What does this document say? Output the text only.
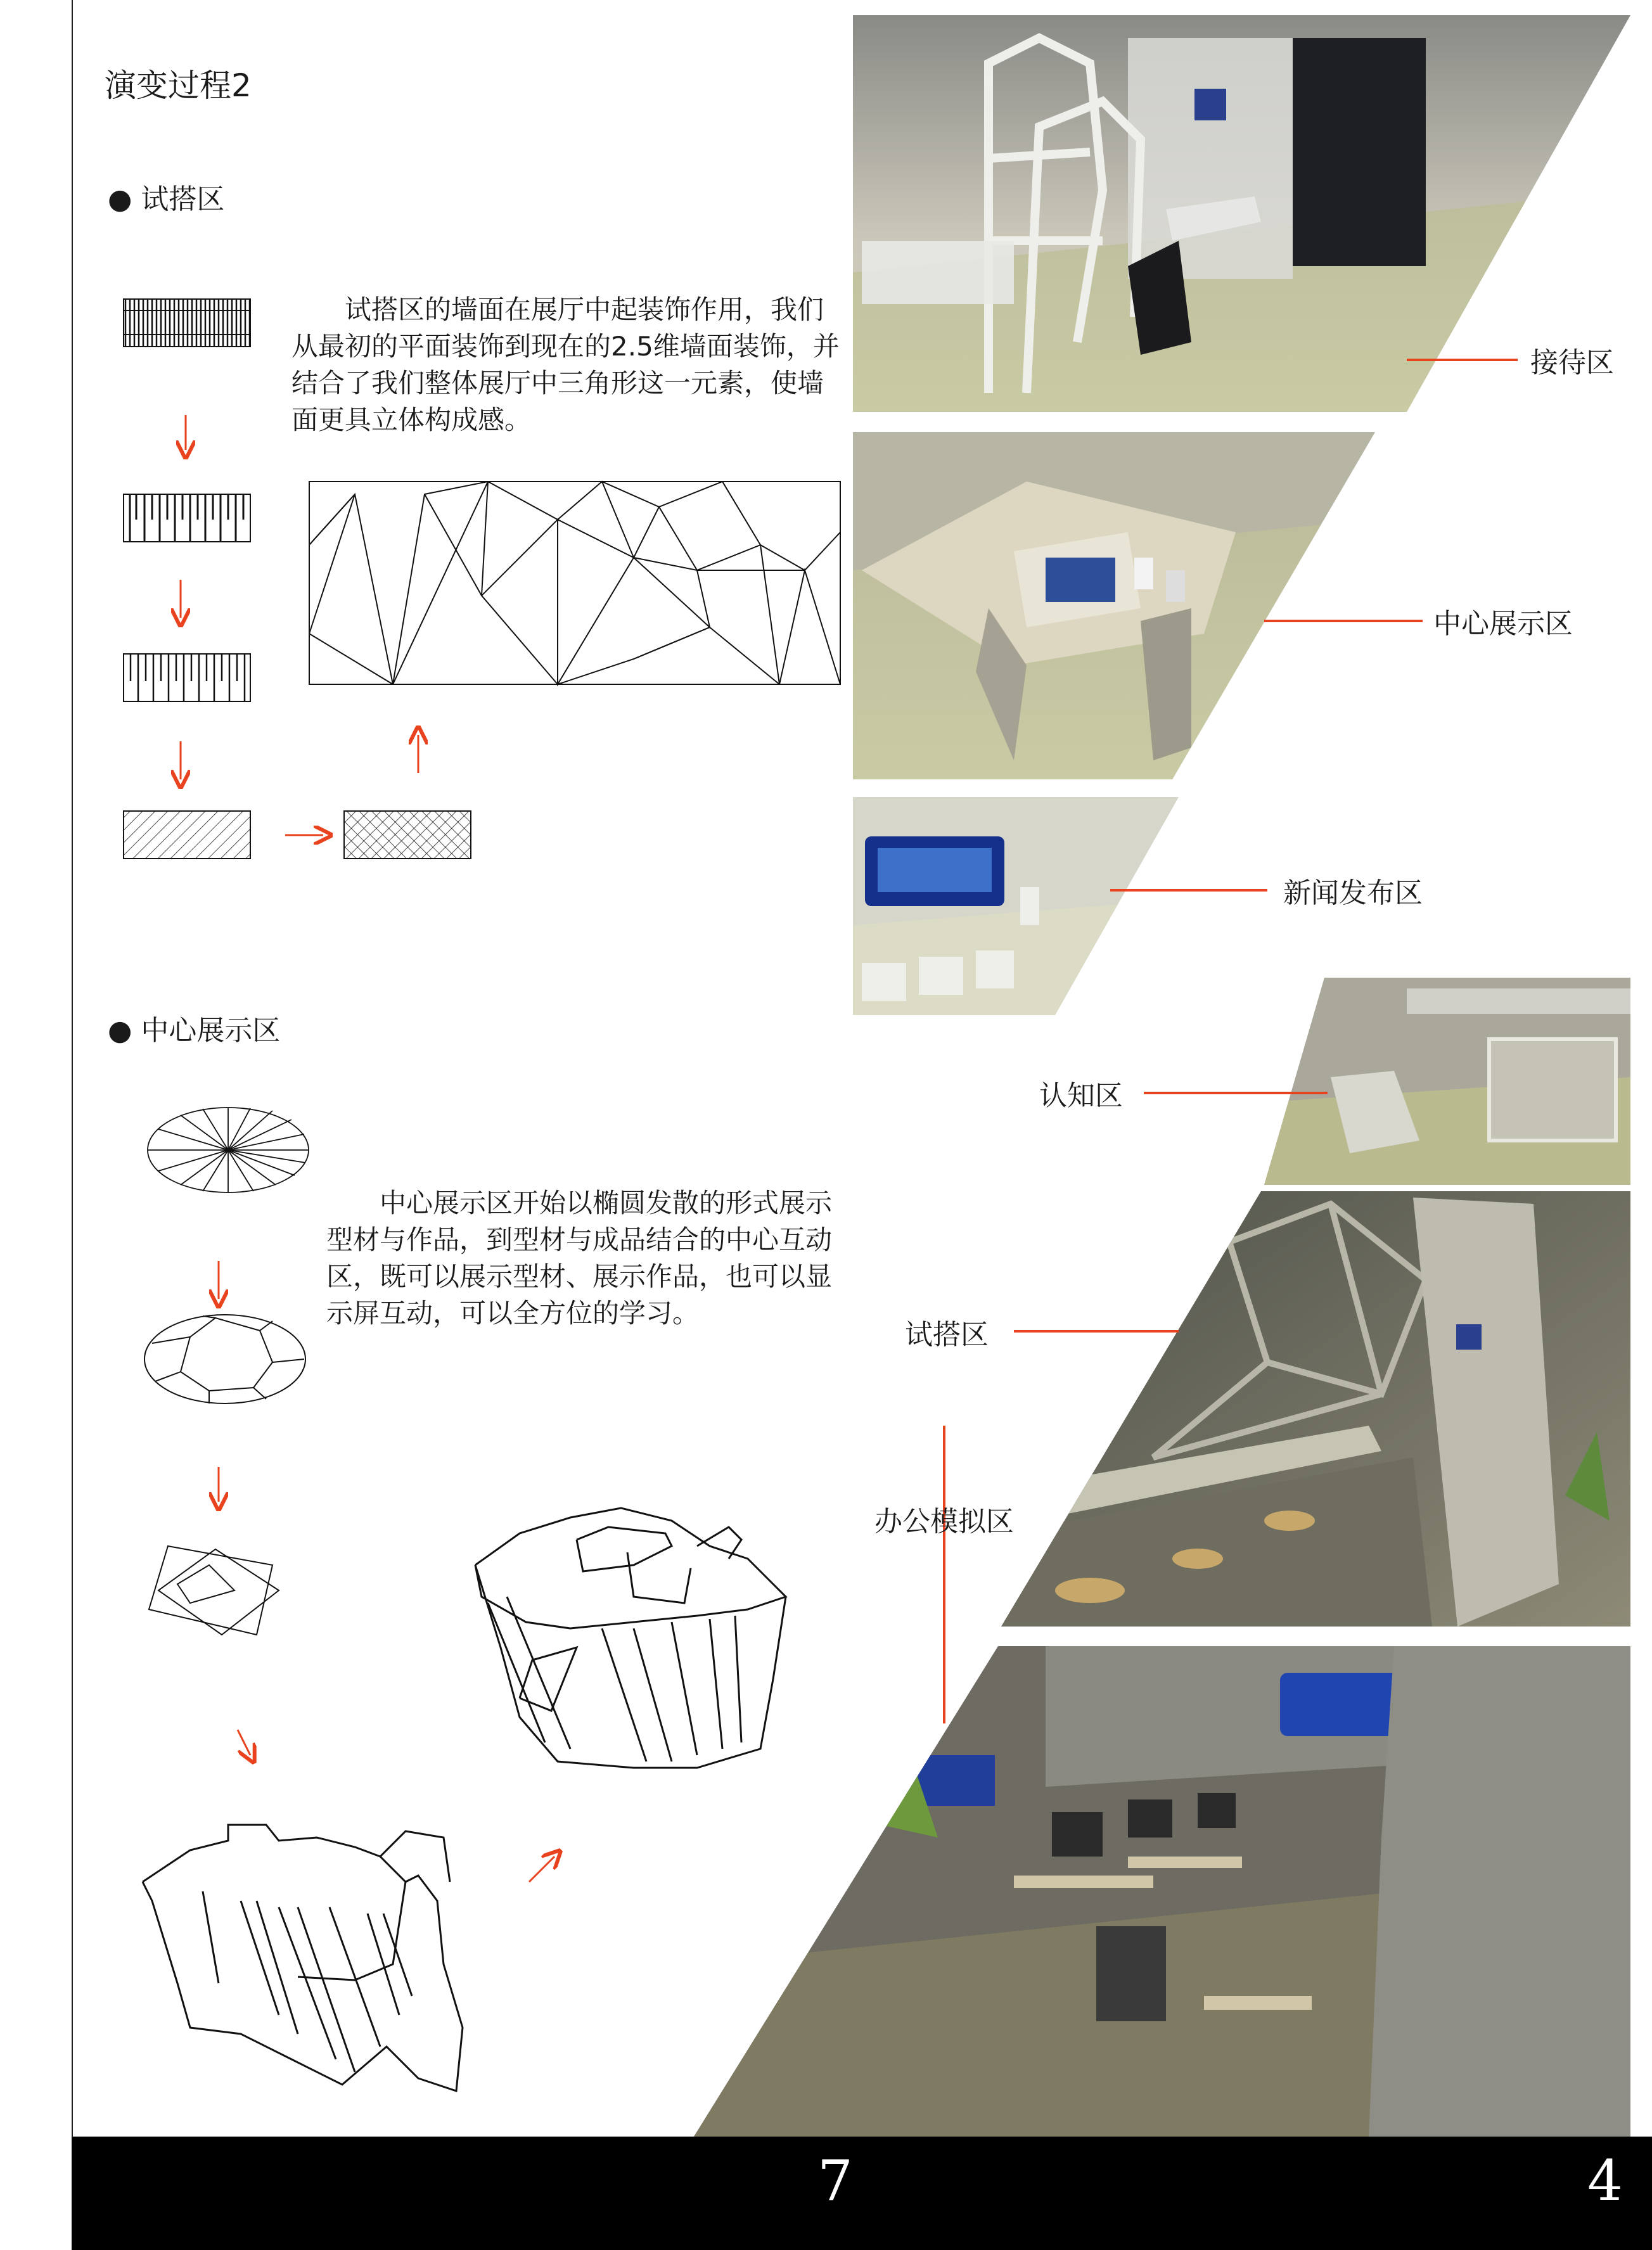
演变过程2
● 试搭区
试搭区的墙面在展厅中起装饰作用，我们从最初的平面装饰到现在的2.5维墙面装饰，并结合了我们整体展厅中三角形这一元素，使墙面更具立体构成感。
● 中心展示区
中心展示区开始以椭圆发散的形式展示型材与作品，到型材与成品结合的中心互动区，既可以展示型材、展示作品，也可以显示屏互动，可以全方位的学习。
接待区
中心展示区
新闻发布区
认知区
试搭区
办公模拟区
7	4
